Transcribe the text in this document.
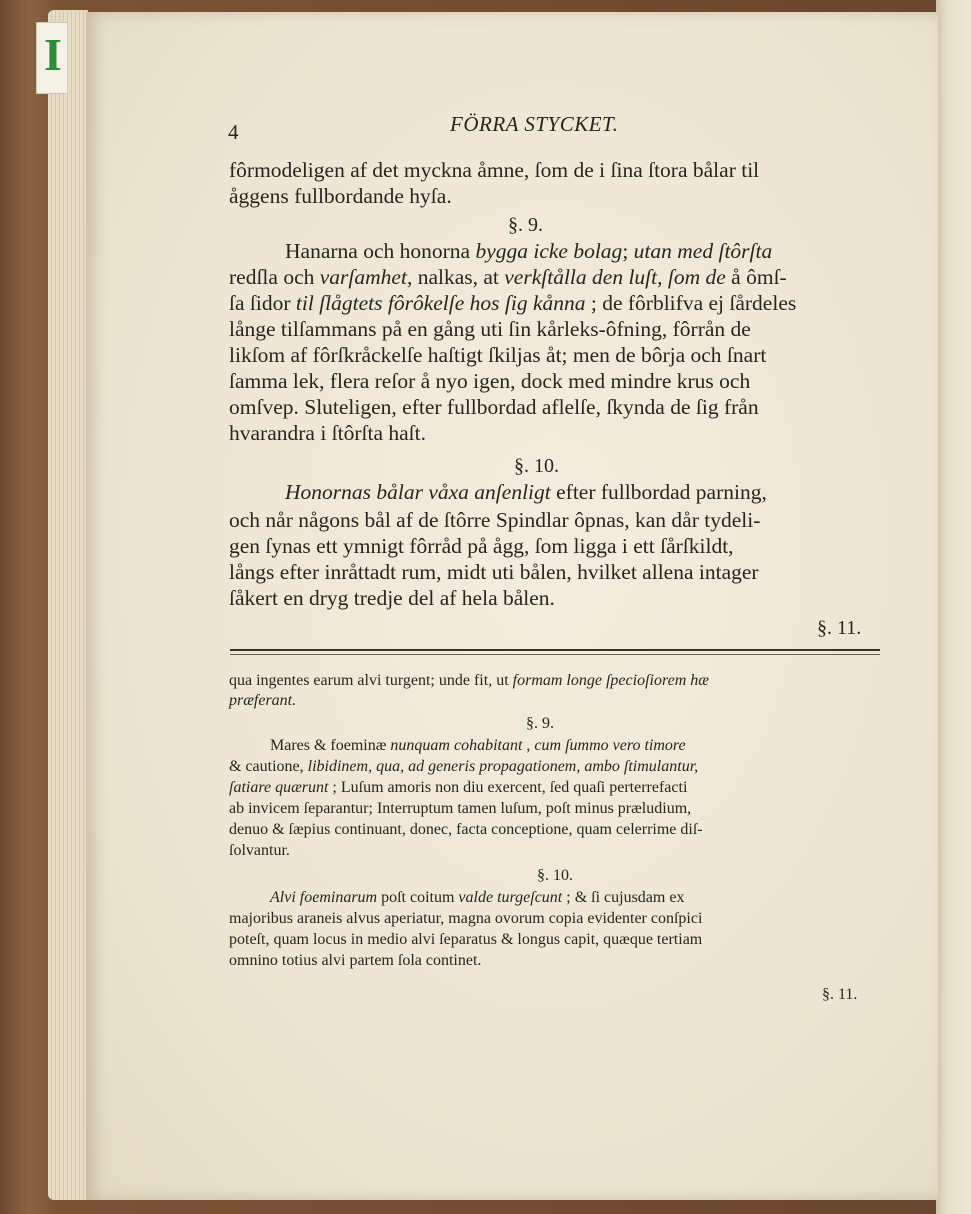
I
4	FÖRRA STYCKET.
fôrmodeligen af det myckna åmne, ſom de i ſina ſtora bålar til
åggens fullbordande hyſa.
§. 9.
Hanarna och honorna bygga icke bolag; utan med ſtôrſta
redſla och varſamhet, nalkas, at verkſtålla den luſt, ſom de å ômſ-
ſa ſidor til ſlågtets fôrôkelſe hos ſig kånna ; de fôrblifva ej ſårdeles
långe tilſammans på en gång uti ſin kårleks-ôfning, fôrrån de
likſom af fôrſkråckelſe haſtigt ſkiljas åt; men de bôrja och ſnart
ſamma lek, flera reſor å nyo igen, dock med mindre krus och
omſvep. Sluteligen, efter fullbordad aflelſe, ſkynda de ſig från
hvarandra i ſtôrſta haſt.
§. 10.
Honornas bålar våxa anſenligt efter fullbordad parning,
och når någons bål af de ſtôrre Spindlar ôpnas, kan dår tydeli-
gen ſynas ett ymnigt fôrråd på ågg, ſom ligga i ett ſårſkildt,
långs efter inråttadt rum, midt uti bålen, hvilket allena intager
ſåkert en dryg tredje del af hela bålen.
§. 11.
qua ingentes earum alvi turgent; unde fit, ut formam longe ſpecioſiorem hæ
præferant.
§. 9.
Mares & foeminæ nunquam cohabitant , cum ſummo vero timore
& cautione, libidinem, qua, ad generis propagationem, ambo ſtimulantur,
ſatiare quærunt ; Luſum amoris non diu exercent, ſed quaſi perterrefacti
ab invicem ſeparantur; Interruptum tamen luſum, poſt minus præludium,
denuo & ſæpius continuant, donec, facta conceptione, quam celerrime diſ-
ſolvantur.
§. 10.
Alvi foeminarum poſt coitum valde turgeſcunt ; & ſi cujusdam ex
majoribus araneis alvus aperiatur, magna ovorum copia evidenter conſpici
poteſt, quam locus in medio alvi ſeparatus & longus capit, quæque tertiam
omnino totius alvi partem ſola continet.
§. 11.
